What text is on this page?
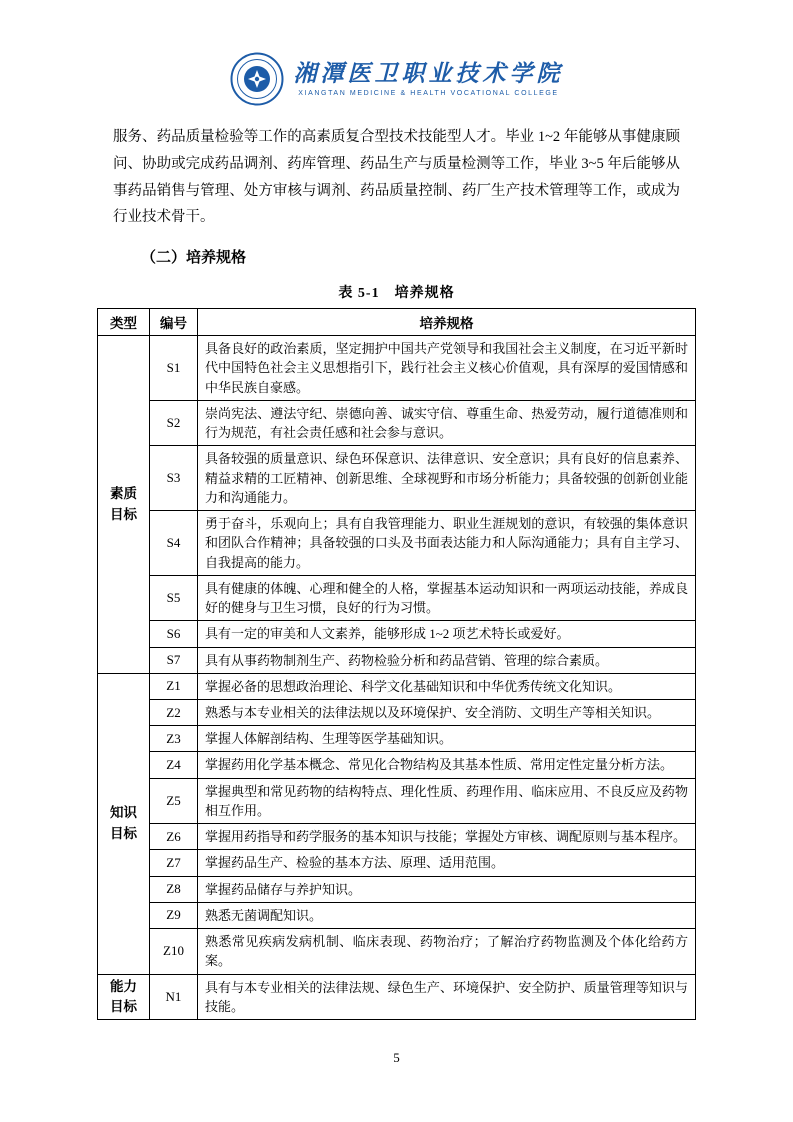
湘潭医卫职业技术学院
XIANGTAN MEDICINE & HEALTH VOCATIONAL COLLEGE

服务、药品质量检验等工作的高素质复合型技术技能型人才。毕业 1~2 年能够从事健康顾问、协助或完成药品调剂、药库管理、药品生产与质量检测等工作，毕业 3~5 年后能够从事药品销售与管理、处方审核与调剂、药品质量控制、药厂生产技术管理等工作，或成为行业技术骨干。

（二）培养规格
表 5-1　培养规格
类型	编号	培养规格
素质目标	S1	具备良好的政治素质，坚定拥护中国共产党领导和我国社会主义制度，在习近平新时代中国特色社会主义思想指引下，践行社会主义核心价值观，具有深厚的爱国情感和中华民族自豪感。
	S2	崇尚宪法、遵法守纪、崇德向善、诚实守信、尊重生命、热爱劳动，履行道德准则和行为规范，有社会责任感和社会参与意识。
	S3	具备较强的质量意识、绿色环保意识、法律意识、安全意识；具有良好的信息素养、精益求精的工匠精神、创新思维、全球视野和市场分析能力；具备较强的创新创业能力和沟通能力。
	S4	勇于奋斗，乐观向上；具有自我管理能力、职业生涯规划的意识，有较强的集体意识和团队合作精神；具备较强的口头及书面表达能力和人际沟通能力；具有自主学习、自我提高的能力。
	S5	具有健康的体魄、心理和健全的人格，掌握基本运动知识和一两项运动技能，养成良好的健身与卫生习惯，良好的行为习惯。
	S6	具有一定的审美和人文素养，能够形成 1~2 项艺术特长或爱好。
	S7	具有从事药物制剂生产、药物检验分析和药品营销、管理的综合素质。
知识目标	Z1	掌握必备的思想政治理论、科学文化基础知识和中华优秀传统文化知识。
	Z2	熟悉与本专业相关的法律法规以及环境保护、安全消防、文明生产等相关知识。
	Z3	掌握人体解剖结构、生理等医学基础知识。
	Z4	掌握药用化学基本概念、常见化合物结构及其基本性质、常用定性定量分析方法。
	Z5	掌握典型和常见药物的结构特点、理化性质、药理作用、临床应用、不良反应及药物相互作用。
	Z6	掌握用药指导和药学服务的基本知识与技能；掌握处方审核、调配原则与基本程序。
	Z7	掌握药品生产、检验的基本方法、原理、适用范围。
	Z8	掌握药品储存与养护知识。
	Z9	熟悉无菌调配知识。
	Z10	熟悉常见疾病发病机制、临床表现、药物治疗；了解治疗药物监测及个体化给药方案。
能力目标	N1	具有与本专业相关的法律法规、绿色生产、环境保护、安全防护、质量管理等知识与技能。
5
